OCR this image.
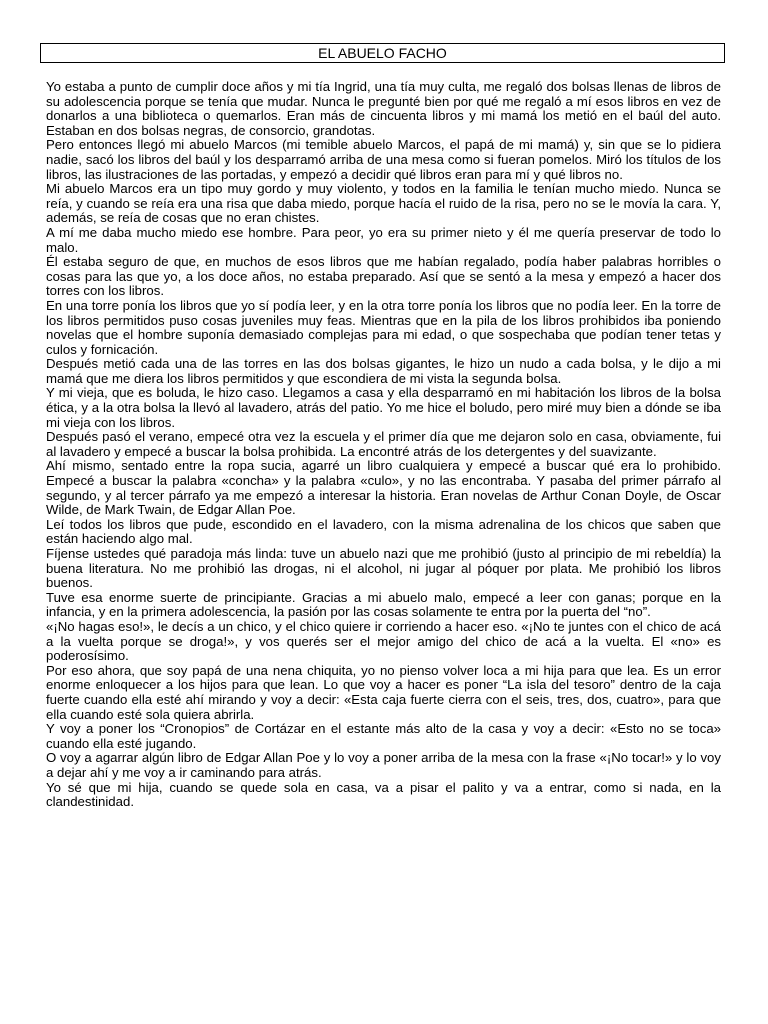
EL ABUELO FACHO

Yo estaba a punto de cumplir doce años y mi tía Ingrid, una tía muy culta, me regaló dos bolsas llenas de libros de su adolescencia porque se tenía que mudar. Nunca le pregunté bien por qué me regaló a mí esos libros en vez de donarlos a una biblioteca o quemarlos. Eran más de cincuenta libros y mi mamá los metió en el baúl del auto. Estaban en dos bolsas negras, de consorcio, grandotas.

Pero entonces llegó mi abuelo Marcos (mi temible abuelo Marcos, el papá de mi mamá) y, sin que se lo pidiera nadie, sacó los libros del baúl y los desparramó arriba de una mesa como si fueran pomelos. Miró los títulos de los libros, las ilustraciones de las portadas, y empezó a decidir qué libros eran para mí y qué libros no.

Mi abuelo Marcos era un tipo muy gordo y muy violento, y todos en la familia le tenían mucho miedo. Nunca se reía, y cuando se reía era una risa que daba miedo, porque hacía el ruido de la risa, pero no se le movía la cara. Y, además, se reía de cosas que no eran chistes.

A mí me daba mucho miedo ese hombre. Para peor, yo era su primer nieto y él me quería preservar de todo lo malo.

Él estaba seguro de que, en muchos de esos libros que me habían regalado, podía haber palabras horribles o cosas para las que yo, a los doce años, no estaba preparado. Así que se sentó a la mesa y empezó a hacer dos torres con los libros.

En una torre ponía los libros que yo sí podía leer, y en la otra torre ponía los libros que no podía leer. En la torre de los libros permitidos puso cosas juveniles muy feas. Mientras que en la pila de los libros prohibidos iba poniendo novelas que el hombre suponía demasiado complejas para mi edad, o que sospechaba que podían tener tetas y culos y fornicación.

Después metió cada una de las torres en las dos bolsas gigantes, le hizo un nudo a cada bolsa, y le dijo a mi mamá que me diera los libros permitidos y que escondiera de mi vista la segunda bolsa.

Y mi vieja, que es boluda, le hizo caso. Llegamos a casa y ella desparramó en mi habitación los libros de la bolsa ética, y a la otra bolsa la llevó al lavadero, atrás del patio. Yo me hice el boludo, pero miré muy bien a dónde se iba mi vieja con los libros.

Después pasó el verano, empecé otra vez la escuela y el primer día que me dejaron solo en casa, obviamente, fui al lavadero y empecé a buscar la bolsa prohibida. La encontré atrás de los detergentes y del suavizante.

Ahí mismo, sentado entre la ropa sucia, agarré un libro cualquiera y empecé a buscar qué era lo prohibido. Empecé a buscar la palabra «concha» y la palabra «culo», y no las encontraba. Y pasaba del primer párrafo al segundo, y al tercer párrafo ya me empezó a interesar la historia. Eran novelas de Arthur Conan Doyle, de Oscar Wilde, de Mark Twain, de Edgar Allan Poe.

Leí todos los libros que pude, escondido en el lavadero, con la misma adrenalina de los chicos que saben que están haciendo algo mal.

Fíjense ustedes qué paradoja más linda: tuve un abuelo nazi que me prohibió (justo al principio de mi rebeldía) la buena literatura. No me prohibió las drogas, ni el alcohol, ni jugar al póquer por plata. Me prohibió los libros buenos.

Tuve esa enorme suerte de principiante. Gracias a mi abuelo malo, empecé a leer con ganas; porque en la infancia, y en la primera adolescencia, la pasión por las cosas solamente te entra por la puerta del “no”.

«¡No hagas eso!», le decís a un chico, y el chico quiere ir corriendo a hacer eso. «¡No te juntes con el chico de acá a la vuelta porque se droga!», y vos querés ser el mejor amigo del chico de acá a la vuelta. El «no» es poderosísimo.

Por eso ahora, que soy papá de una nena chiquita, yo no pienso volver loca a mi hija para que lea. Es un error enorme enloquecer a los hijos para que lean. Lo que voy a hacer es poner “La isla del tesoro” dentro de la caja fuerte cuando ella esté ahí mirando y voy a decir: «Esta caja fuerte cierra con el seis, tres, dos, cuatro», para que ella cuando esté sola quiera abrirla.

Y voy a poner los “Cronopios” de Cortázar en el estante más alto de la casa y voy a decir: «Esto no se toca» cuando ella esté jugando.

O voy a agarrar algún libro de Edgar Allan Poe y lo voy a poner arriba de la mesa con la frase «¡No tocar!» y lo voy a dejar ahí y me voy a ir caminando para atrás.

Yo sé que mi hija, cuando se quede sola en casa, va a pisar el palito y va a entrar, como si nada, en la clandestinidad.
